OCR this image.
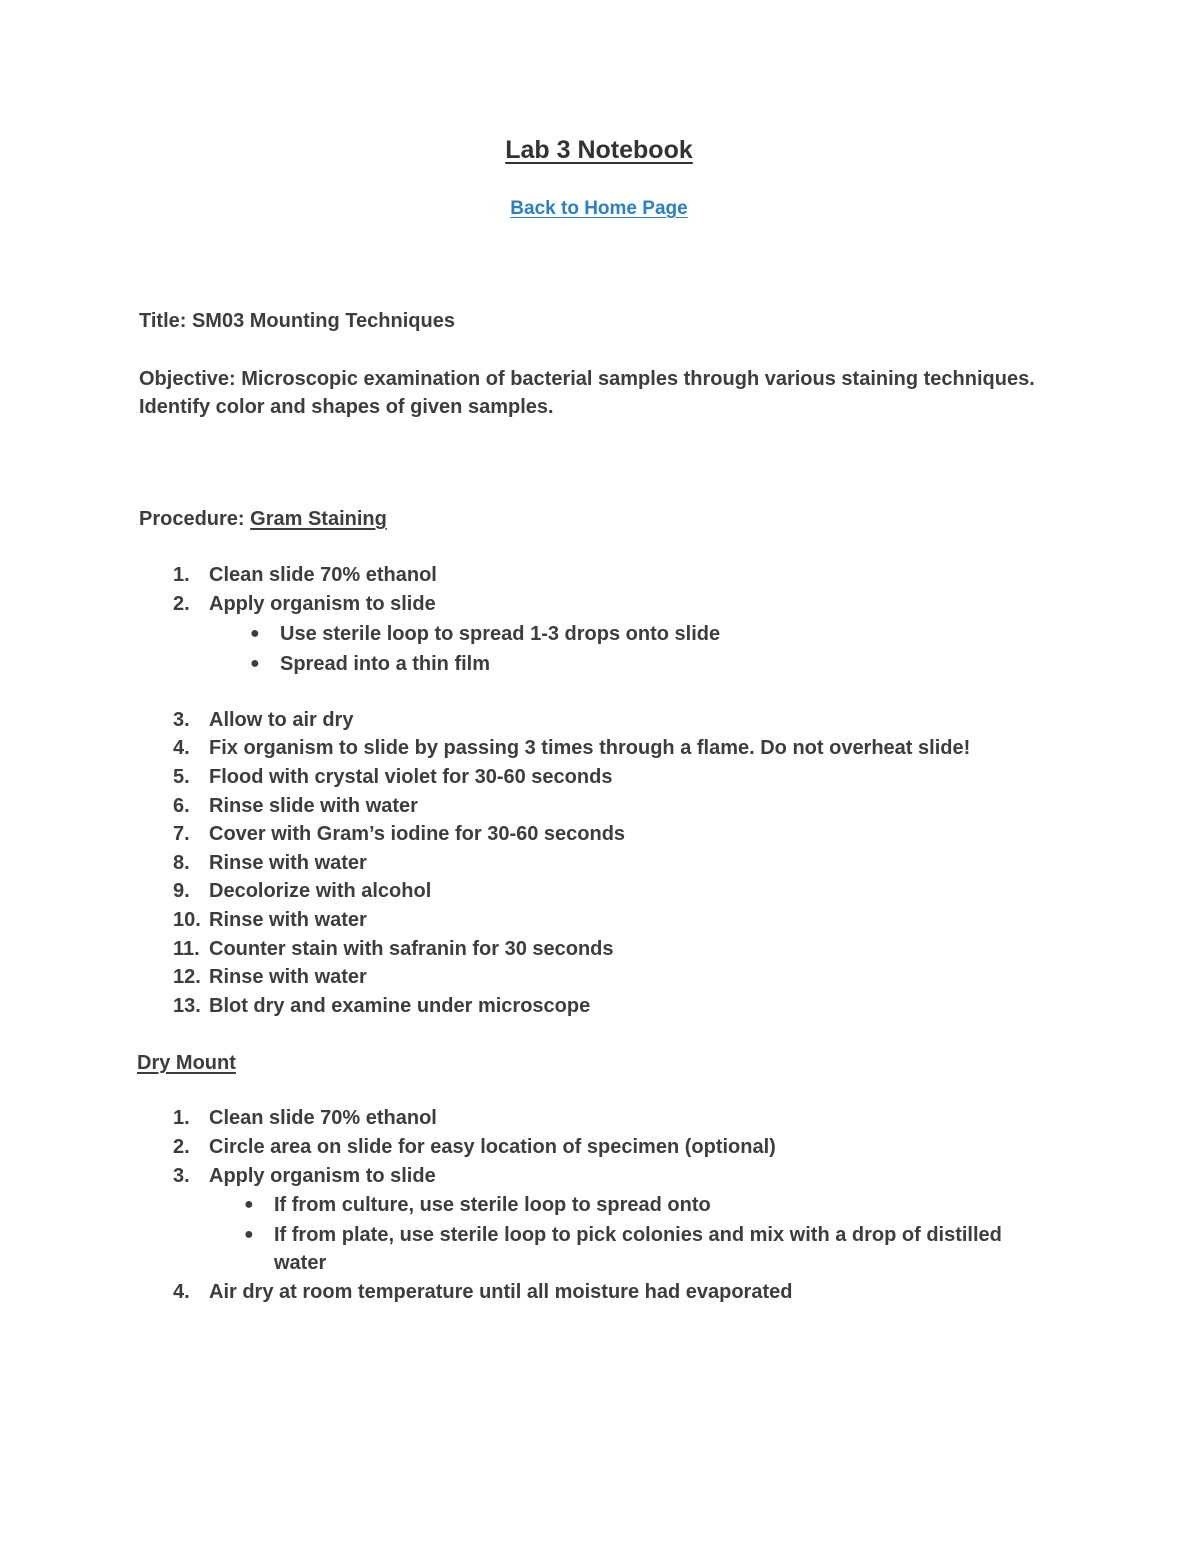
Lab 3 Notebook
Back to Home Page
Title: SM03 Mounting Techniques
Objective: Microscopic examination of bacterial samples through various staining techniques.
Identify color and shapes of given samples.
Procedure: Gram Staining
1. Clean slide 70% ethanol
2. Apply organism to slide
● Use sterile loop to spread 1-3 drops onto slide
● Spread into a thin film
3. Allow to air dry
4. Fix organism to slide by passing 3 times through a flame. Do not overheat slide!
5. Flood with crystal violet for 30-60 seconds
6. Rinse slide with water
7. Cover with Gram’s iodine for 30-60 seconds
8. Rinse with water
9. Decolorize with alcohol
10. Rinse with water
11. Counter stain with safranin for 30 seconds
12. Rinse with water
13. Blot dry and examine under microscope
Dry Mount
1. Clean slide 70% ethanol
2. Circle area on slide for easy location of specimen (optional)
3. Apply organism to slide
● If from culture, use sterile loop to spread onto
● If from plate, use sterile loop to pick colonies and mix with a drop of distilled water
4. Air dry at room temperature until all moisture had evaporated
